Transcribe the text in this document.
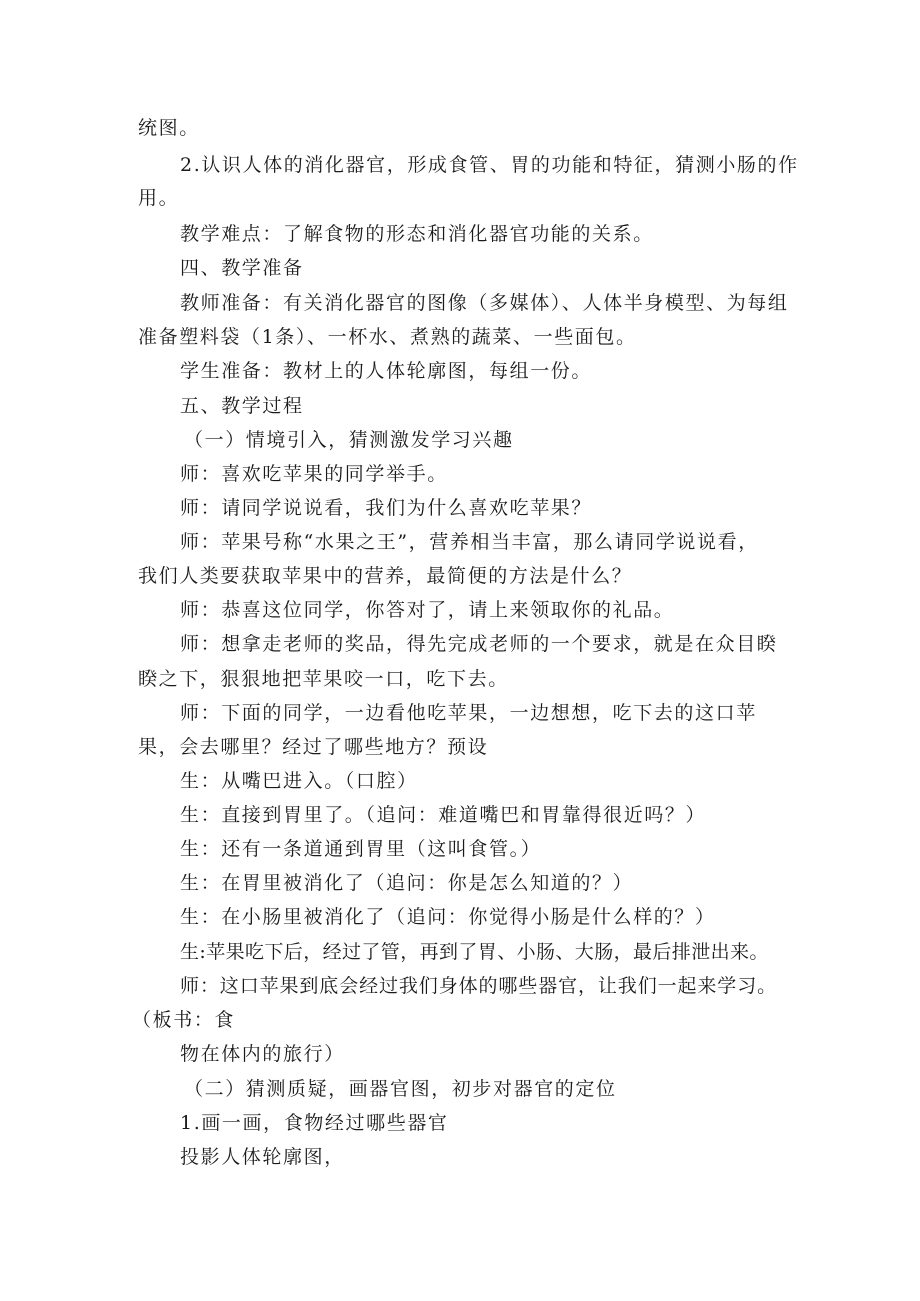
统图。
2.认识人体的消化器官，形成食管、胃的功能和特征，猜测小肠的作
用。
教学难点：了解食物的形态和消化器官功能的关系。
四、教学准备
教师准备：有关消化器官的图像（多媒体）、人体半身模型、为每组
准备塑料袋（1条）、一杯水、煮熟的蔬菜、一些面包。
学生准备：教材上的人体轮廓图，每组一份。
五、教学过程
（一）情境引入，猜测激发学习兴趣
师：喜欢吃苹果的同学举手。
师：请同学说说看，我们为什么喜欢吃苹果？
师：苹果号称“水果之王”，营养相当丰富，那么请同学说说看，
我们人类要获取苹果中的营养，最简便的方法是什么？
师：恭喜这位同学，你答对了，请上来领取你的礼品。
师：想拿走老师的奖品，得先完成老师的一个要求，就是在众目睽
睽之下，狠狠地把苹果咬一口，吃下去。
师：下面的同学，一边看他吃苹果，一边想想，吃下去的这口苹
果，会去哪里？经过了哪些地方？预设
生：从嘴巴进入。（口腔）
生：直接到胃里了。（追问：难道嘴巴和胃靠得很近吗？）
生：还有一条道通到胃里（这叫食管。）
生：在胃里被消化了（追问：你是怎么知道的？）
生：在小肠里被消化了（追问：你觉得小肠是什么样的？）
生:苹果吃下后，经过了管，再到了胃、小肠、大肠，最后排泄出来。
师：这口苹果到底会经过我们身体的哪些器官，让我们一起来学习。
（板书：食
物在体内的旅行）
（二）猜测质疑，画器官图，初步对器官的定位
1.画一画，食物经过哪些器官
投影人体轮廓图，
